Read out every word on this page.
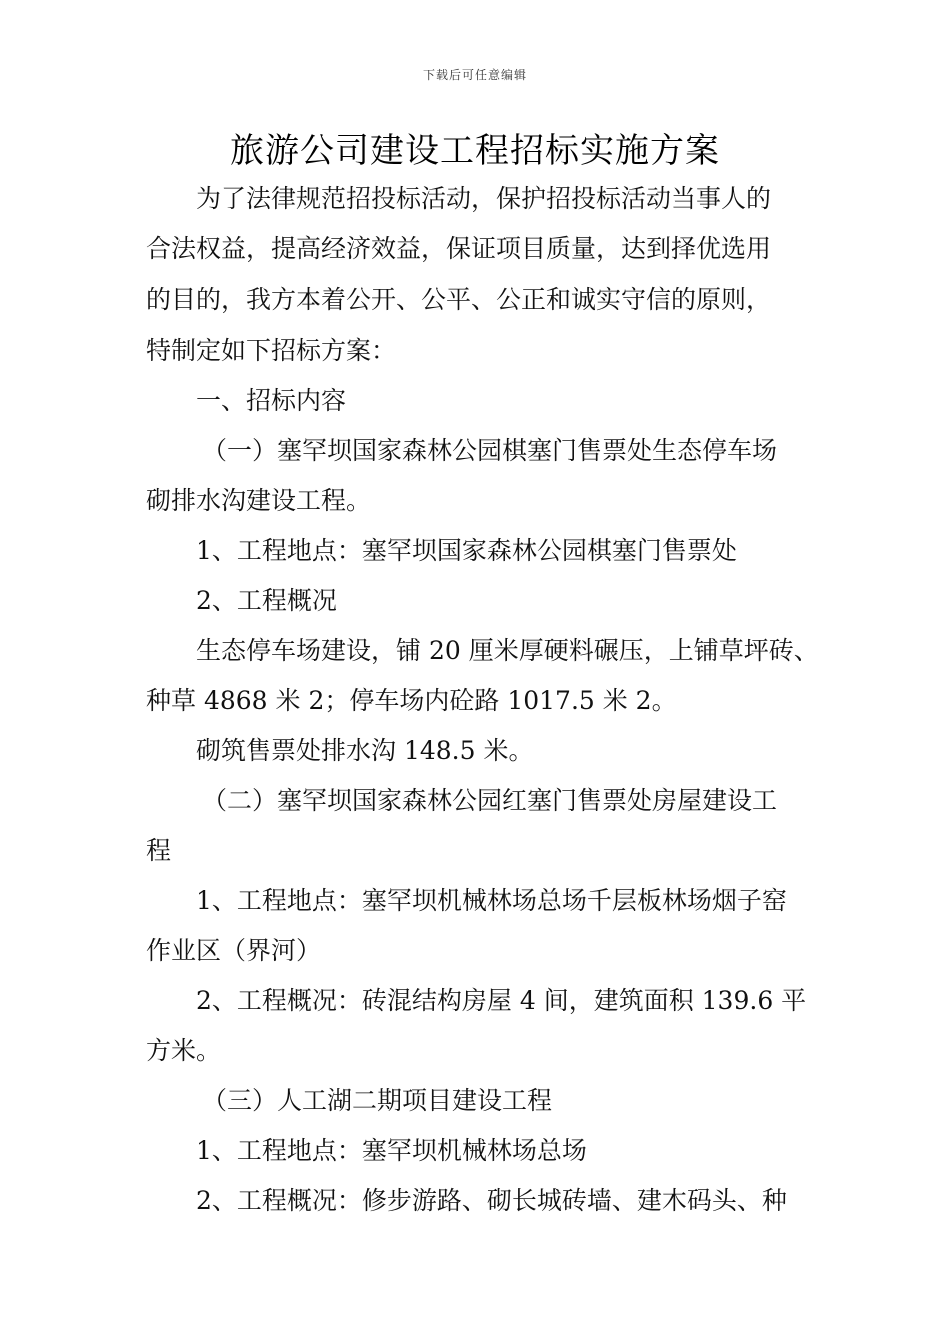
下载后可任意编辑
旅游公司建设工程招标实施方案
为了法律规范招投标活动，保护招投标活动当事人的
合法权益，提高经济效益，保证项目质量，达到择优选用
的目的，我方本着公开、公平、公正和诚实守信的原则，
特制定如下招标方案：
一、招标内容
（一）塞罕坝国家森林公园棋塞门售票处生态停车场
砌排水沟建设工程。
1、工程地点：塞罕坝国家森林公园棋塞门售票处
2、工程概况
生态停车场建设，铺 20 厘米厚硬料碾压，上铺草坪砖、
种草 4868 米 2；停车场内砼路 1017.5 米 2。
砌筑售票处排水沟 148.5 米。
（二）塞罕坝国家森林公园红塞门售票处房屋建设工
程
1、工程地点：塞罕坝机械林场总场千层板林场烟子窑
作业区（界河）
2、工程概况：砖混结构房屋 4 间，建筑面积 139.6 平
方米。
（三）人工湖二期项目建设工程
1、工程地点：塞罕坝机械林场总场
2、工程概况：修步游路、砌长城砖墙、建木码头、种
